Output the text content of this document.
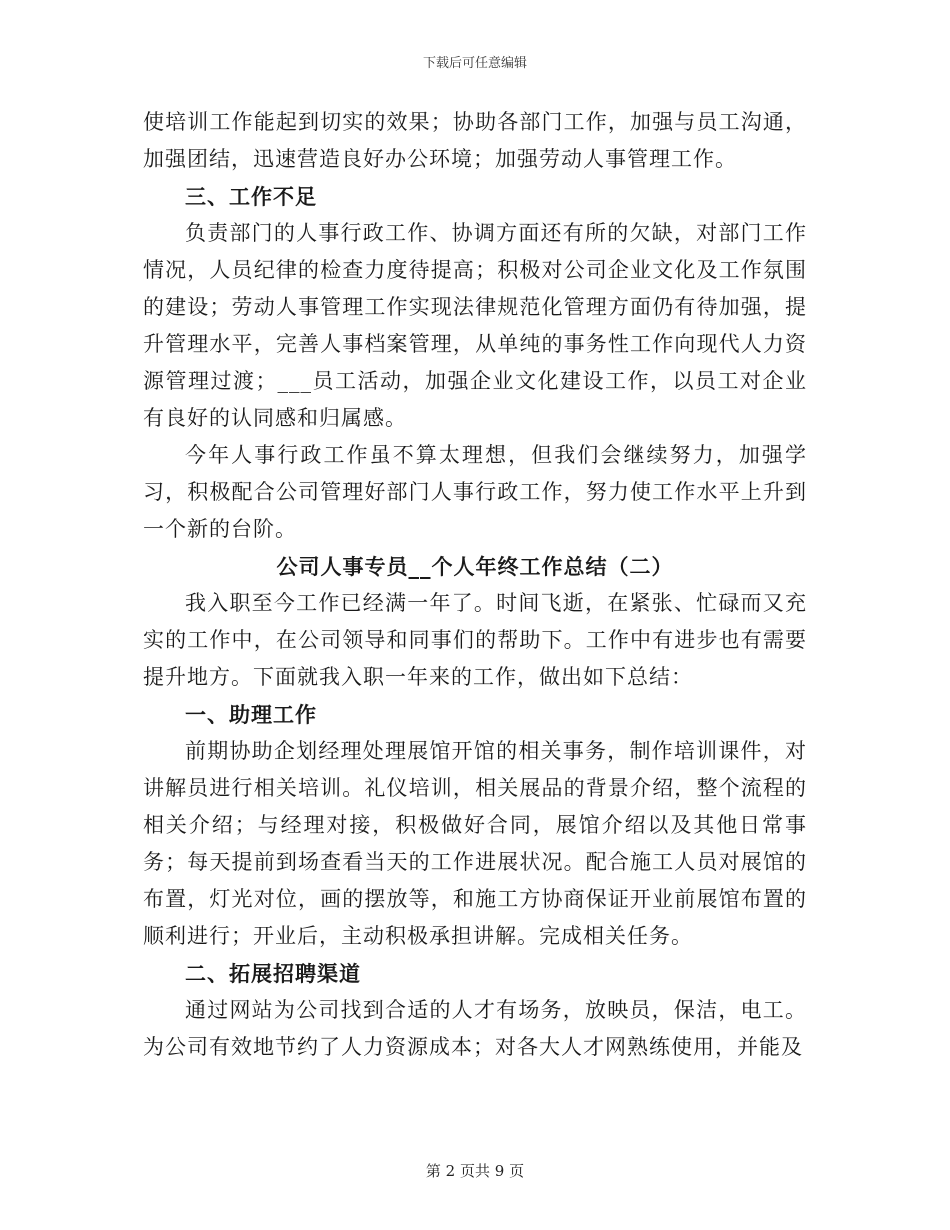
下载后可任意编辑

使培训工作能起到切实的效果；协助各部门工作，加强与员工沟通，加强团结，迅速营造良好办公环境；加强劳动人事管理工作。

三、工作不足

负责部门的人事行政工作、协调方面还有所的欠缺，对部门工作情况，人员纪律的检查力度待提高；积极对公司企业文化及工作氛围的建设；劳动人事管理工作实现法律规范化管理方面仍有待加强，提升管理水平，完善人事档案管理，从单纯的事务性工作向现代人力资源管理过渡；___员工活动，加强企业文化建设工作，以员工对企业有良好的认同感和归属感。

今年人事行政工作虽不算太理想，但我们会继续努力，加强学习，积极配合公司管理好部门人事行政工作，努力使工作水平上升到一个新的台阶。

公司人事专员__个人年终工作总结（二）

我入职至今工作已经满一年了。时间飞逝，在紧张、忙碌而又充实的工作中，在公司领导和同事们的帮助下。工作中有进步也有需要提升地方。下面就我入职一年来的工作，做出如下总结：

一、助理工作

前期协助企划经理处理展馆开馆的相关事务，制作培训课件，对讲解员进行相关培训。礼仪培训，相关展品的背景介绍，整个流程的相关介绍；与经理对接，积极做好合同，展馆介绍以及其他日常事务；每天提前到场查看当天的工作进展状况。配合施工人员对展馆的布置，灯光对位，画的摆放等，和施工方协商保证开业前展馆布置的顺利进行；开业后，主动积极承担讲解。完成相关任务。

二、拓展招聘渠道

通过网站为公司找到合适的人才有场务，放映员，保洁，电工。为公司有效地节约了人力资源成本；对各大人才网熟练使用，并能及

第 2 页共 9 页
